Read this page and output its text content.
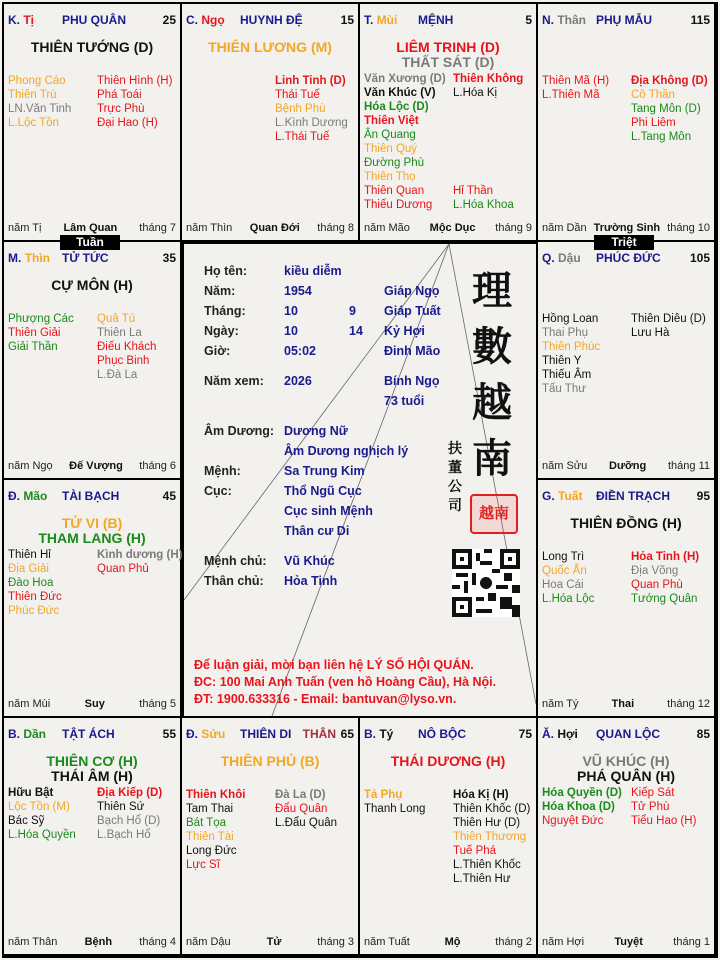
K. Tị PHU QUÂN	25
THIÊN TƯỚNG (D)
Phong Cáo
Thiên Trù
LN.Văn Tinh
L.Lộc Tồn
Thiên Hình (H)
Phá Toái
Trực Phù
Đại Hao (H)
năm Tị Lâm Quan tháng 7
C. Ngọ HUYNH ĐỆ	15
THIÊN LƯƠNG (M)
Linh Tinh (D)
Thái Tuế
Bệnh Phù
L.Kình Dương
L.Thái Tuế
năm Thìn Quan Đới tháng 8
T. Mùi MỆNH	5
LIÊM TRINH (D)
THẤT SÁT (D)
Văn Xương (D)
Văn Khúc (V)
Hóa Lộc (D)
Thiên Việt
Ân Quang
Thiên Quý
Đường Phù
Thiên Thọ
Thiên Quan
Thiếu Dương
Thiên Không
L.Hóa Kị
Hỉ Thần
L.Hóa Khoa
năm Mão Mộc Dục tháng 9
N. Thân PHỤ MẪU	115
Thiên Mã (H)
L.Thiên Mã
Địa Không (D)
Cô Thần
Tang Môn (D)
Phi Liêm
L.Tang Môn
năm Dần Trường Sinh tháng 10
M. Thìn TỬ TỨC	35
CỰ MÔN (H)
Phượng Các
Thiên Giải
Giải Thần
Quả Tú
Thiên La
Điếu Khách
Phục Binh
L.Đà La
năm Ngọ Đế Vượng tháng 6
Q. Dậu PHÚC ĐỨC 105
Hồng Loan
Thai Phụ
Thiên Phúc
Thiên Y
Thiếu Âm
Tấu Thư
Thiên Diêu (D)
Lưu Hà
năm Sửu Dưỡng tháng 11
Đ. Mão TÀI BẠCH	45
TỬ VI (B)
THAM LANG (H)
Thiên Hỉ
Địa Giải
Đào Hoa
Thiên Đức
Phúc Đức
Kình dương (H)
Quan Phủ
năm Mùi	Suy	tháng 5
G. Tuất ĐIỀN TRẠCH 95
THIÊN ĐỒNG (H)
Long Trì
Quốc Ấn
Hoa Cái
L.Hóa Lộc
Hỏa Tinh (H)
Địa Võng
Quan Phù
Tướng Quân
năm Tý	Thai	tháng 12
B. Dần TẬT ÁCH	55
THIÊN CƠ (H)
THÁI ÂM (H)
Hữu Bật
Lộc Tồn (M)
Bác Sỹ
L.Hóa Quyền
Địa Kiếp (D)
Thiên Sứ
Bạch Hổ (D)
L.Bạch Hổ
năm Thân Bệnh tháng 4
Đ. Sửu THIÊN DI THÂN 65
THIÊN PHỦ (B)
Thiên Khôi
Tam Thai
Bát Tọa
Thiên Tài
Long Đức
Lực Sĩ
Đà La (D)
Đẩu Quân
L.Đẩu Quân
năm Dậu	Tử	tháng 3
B. Tý NÔ BỘC	75
THÁI DƯƠNG (H)
Tả Phụ
Thanh Long
Hóa Kị (H)
Thiên Khốc (D)
Thiên Hư (D)
Thiên Thương
Tuế Phá
L.Thiên Khốc
L.Thiên Hư
năm Tuất	Mộ	tháng 2
Ă. Hợi QUAN LỘC	85
VŨ KHÚC (H)
PHÁ QUÂN (H)
Hóa Quyền (D)
Hóa Khoa (D)
Nguyệt Đức
Kiếp Sát
Tử Phù
Tiểu Hao (H)
năm Hợi	Tuyệt	tháng 1
Họ tên:	kiều diễm
Năm:	1954	Giáp Ngọ
Tháng:	10	9 Giáp Tuất
Ngày:	10	14 Kỷ Hợi
Giờ:	05:02	Đinh Mão
Năm xem: 2026	Bính Ngọ
73 tuổi
Âm Dương: Dương Nữ
Âm Dương nghịch lý
Mệnh:	Sa Trung Kim
Cục:	Thổ Ngũ Cục
Cục sinh Mệnh
Thân cư Di
Mệnh chủ: Vũ Khúc
Thân chủ: Hỏa Tinh
理
數
越
南
扶董公司	越南
Để luận giải, mời bạn liên hệ LÝ SỐ HỘI QUÁN.
ĐC: 100 Mai Anh Tuấn (ven hồ Hoàng Cầu), Hà Nội.
ĐT: 1900.633316 - Email: bantuvan@lyso.vn.
Tuần	Triệt
